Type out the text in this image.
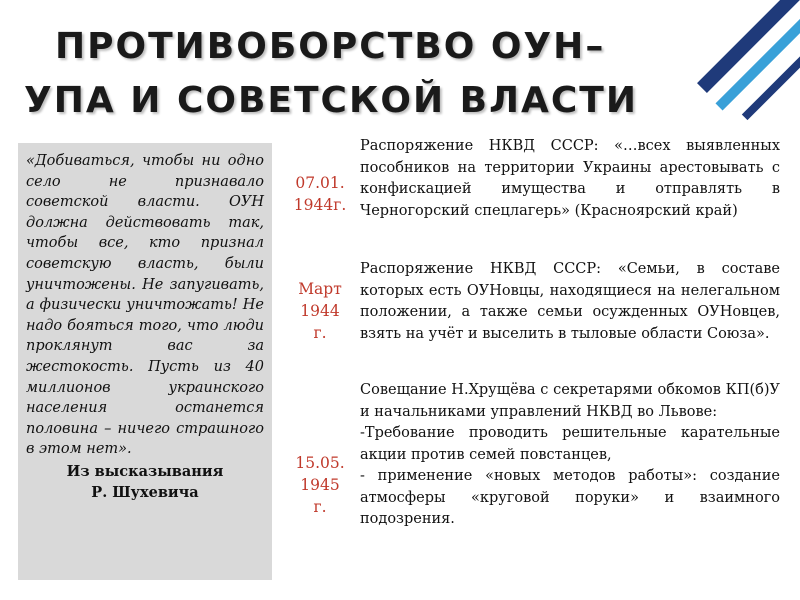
ПРОТИВОБОРСТВО ОУН–
УПА И СОВЕТСКОЙ ВЛАСТИ

«Добиваться, чтобы ни одно село не признавало советской власти. ОУН должна действовать так, чтобы все, кто признал советскую власть, были уничтожены. Не запугивать, а физически уничтожать! Не надо бояться того, что люди проклянут вас за жестокость. Пусть из 40 миллионов украинского населения останется половина – ничего страшного в этом нет».

Из высказывания
Р. Шухевича
07.01.
1944г.
Март
1944
г.
15.05.
1945
г.

Распоряжение НКВД СССР: «…всех выявленных пособников на территории Украины арестовывать с конфискацией имущества и отправлять в Черногорский спецлагерь» (Красноярский край)

Распоряжение НКВД СССР: «Семьи, в составе которых есть ОУНовцы, находящиеся на нелегальном положении, а также семьи осужденных ОУНовцев, взять на учёт и выселить в тыловые области Союза».

Совещание Н.Хрущёва с секретарями обкомов КП(б)У и начальниками управлений НКВД во Львове:

-Требование проводить решительные карательные акции против семей повстанцев,

- применение «новых методов работы»: создание атмосферы «круговой поруки» и взаимного подозрения.
